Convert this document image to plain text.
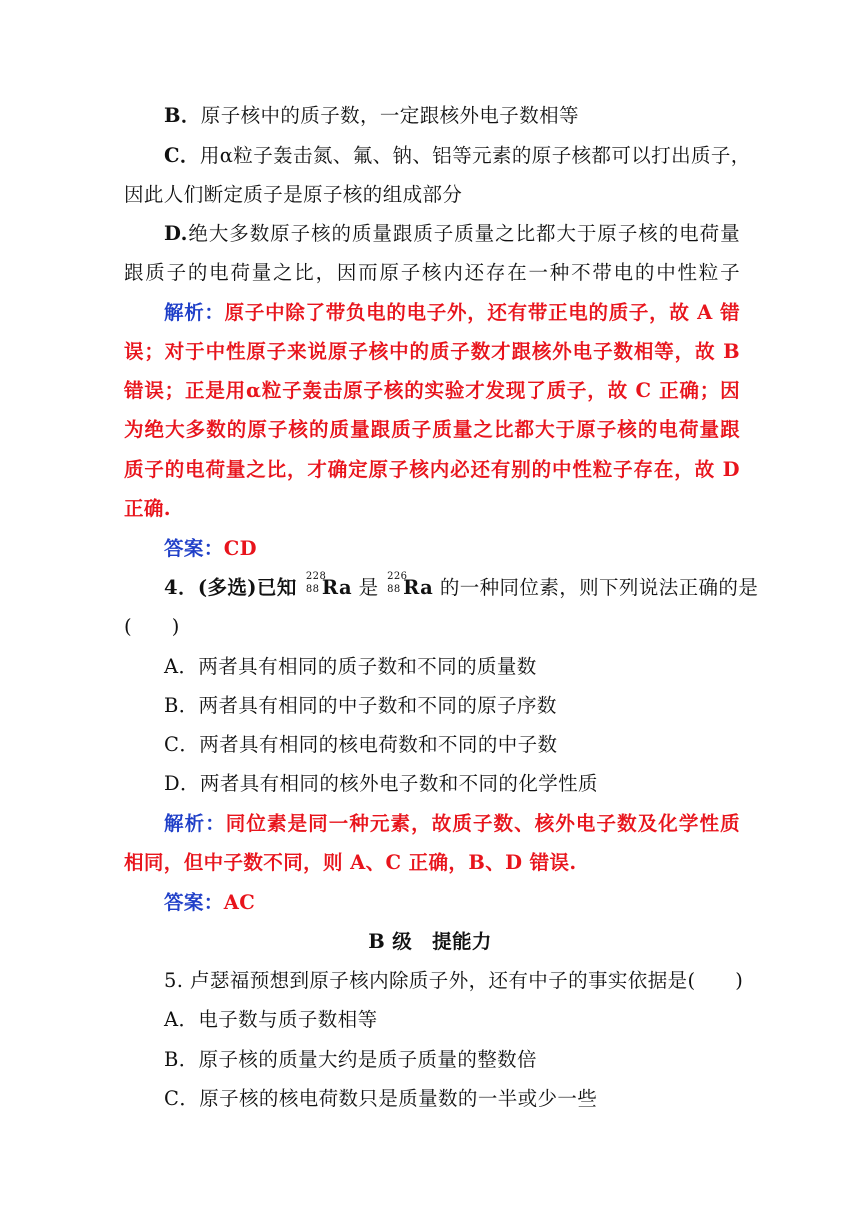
B．原子核中的质子数，一定跟核外电子数相等
C．用α粒子轰击氮、氟、钠、铝等元素的原子核都可以打出质子，
因此人们断定质子是原子核的组成部分
D.绝大多数原子核的质量跟质子质量之比都大于原子核的电荷量
跟质子的电荷量之比，因而原子核内还存在一种不带电的中性粒子
解析：原子中除了带负电的电子外，还有带正电的质子，故 A 错
误；对于中性原子来说原子核中的质子数才跟核外电子数相等，故 B
错误；正是用α粒子轰击原子核的实验才发现了质子，故 C 正确；因
为绝大多数的原子核的质量跟质子质量之比都大于原子核的电荷量跟
质子的电荷量之比，才确定原子核内必还有别的中性粒子存在，故 D
正确.
答案：CD
4．(多选)已知 228
88 Ra 是 226
88 Ra 的一种同位素，则下列说法正确的是
(　　)
A．两者具有相同的质子数和不同的质量数
B．两者具有相同的中子数和不同的原子序数
C．两者具有相同的核电荷数和不同的中子数
D．两者具有相同的核外电子数和不同的化学性质
解析：同位素是同一种元素，故质子数、核外电子数及化学性质
相同，但中子数不同，则 A、C 正确，B、D 错误.
答案：AC
B 级　提能力
5. 卢瑟福预想到原子核内除质子外，还有中子的事实依据是(　　)
A．电子数与质子数相等
B．原子核的质量大约是质子质量的整数倍
C．原子核的核电荷数只是质量数的一半或少一些
